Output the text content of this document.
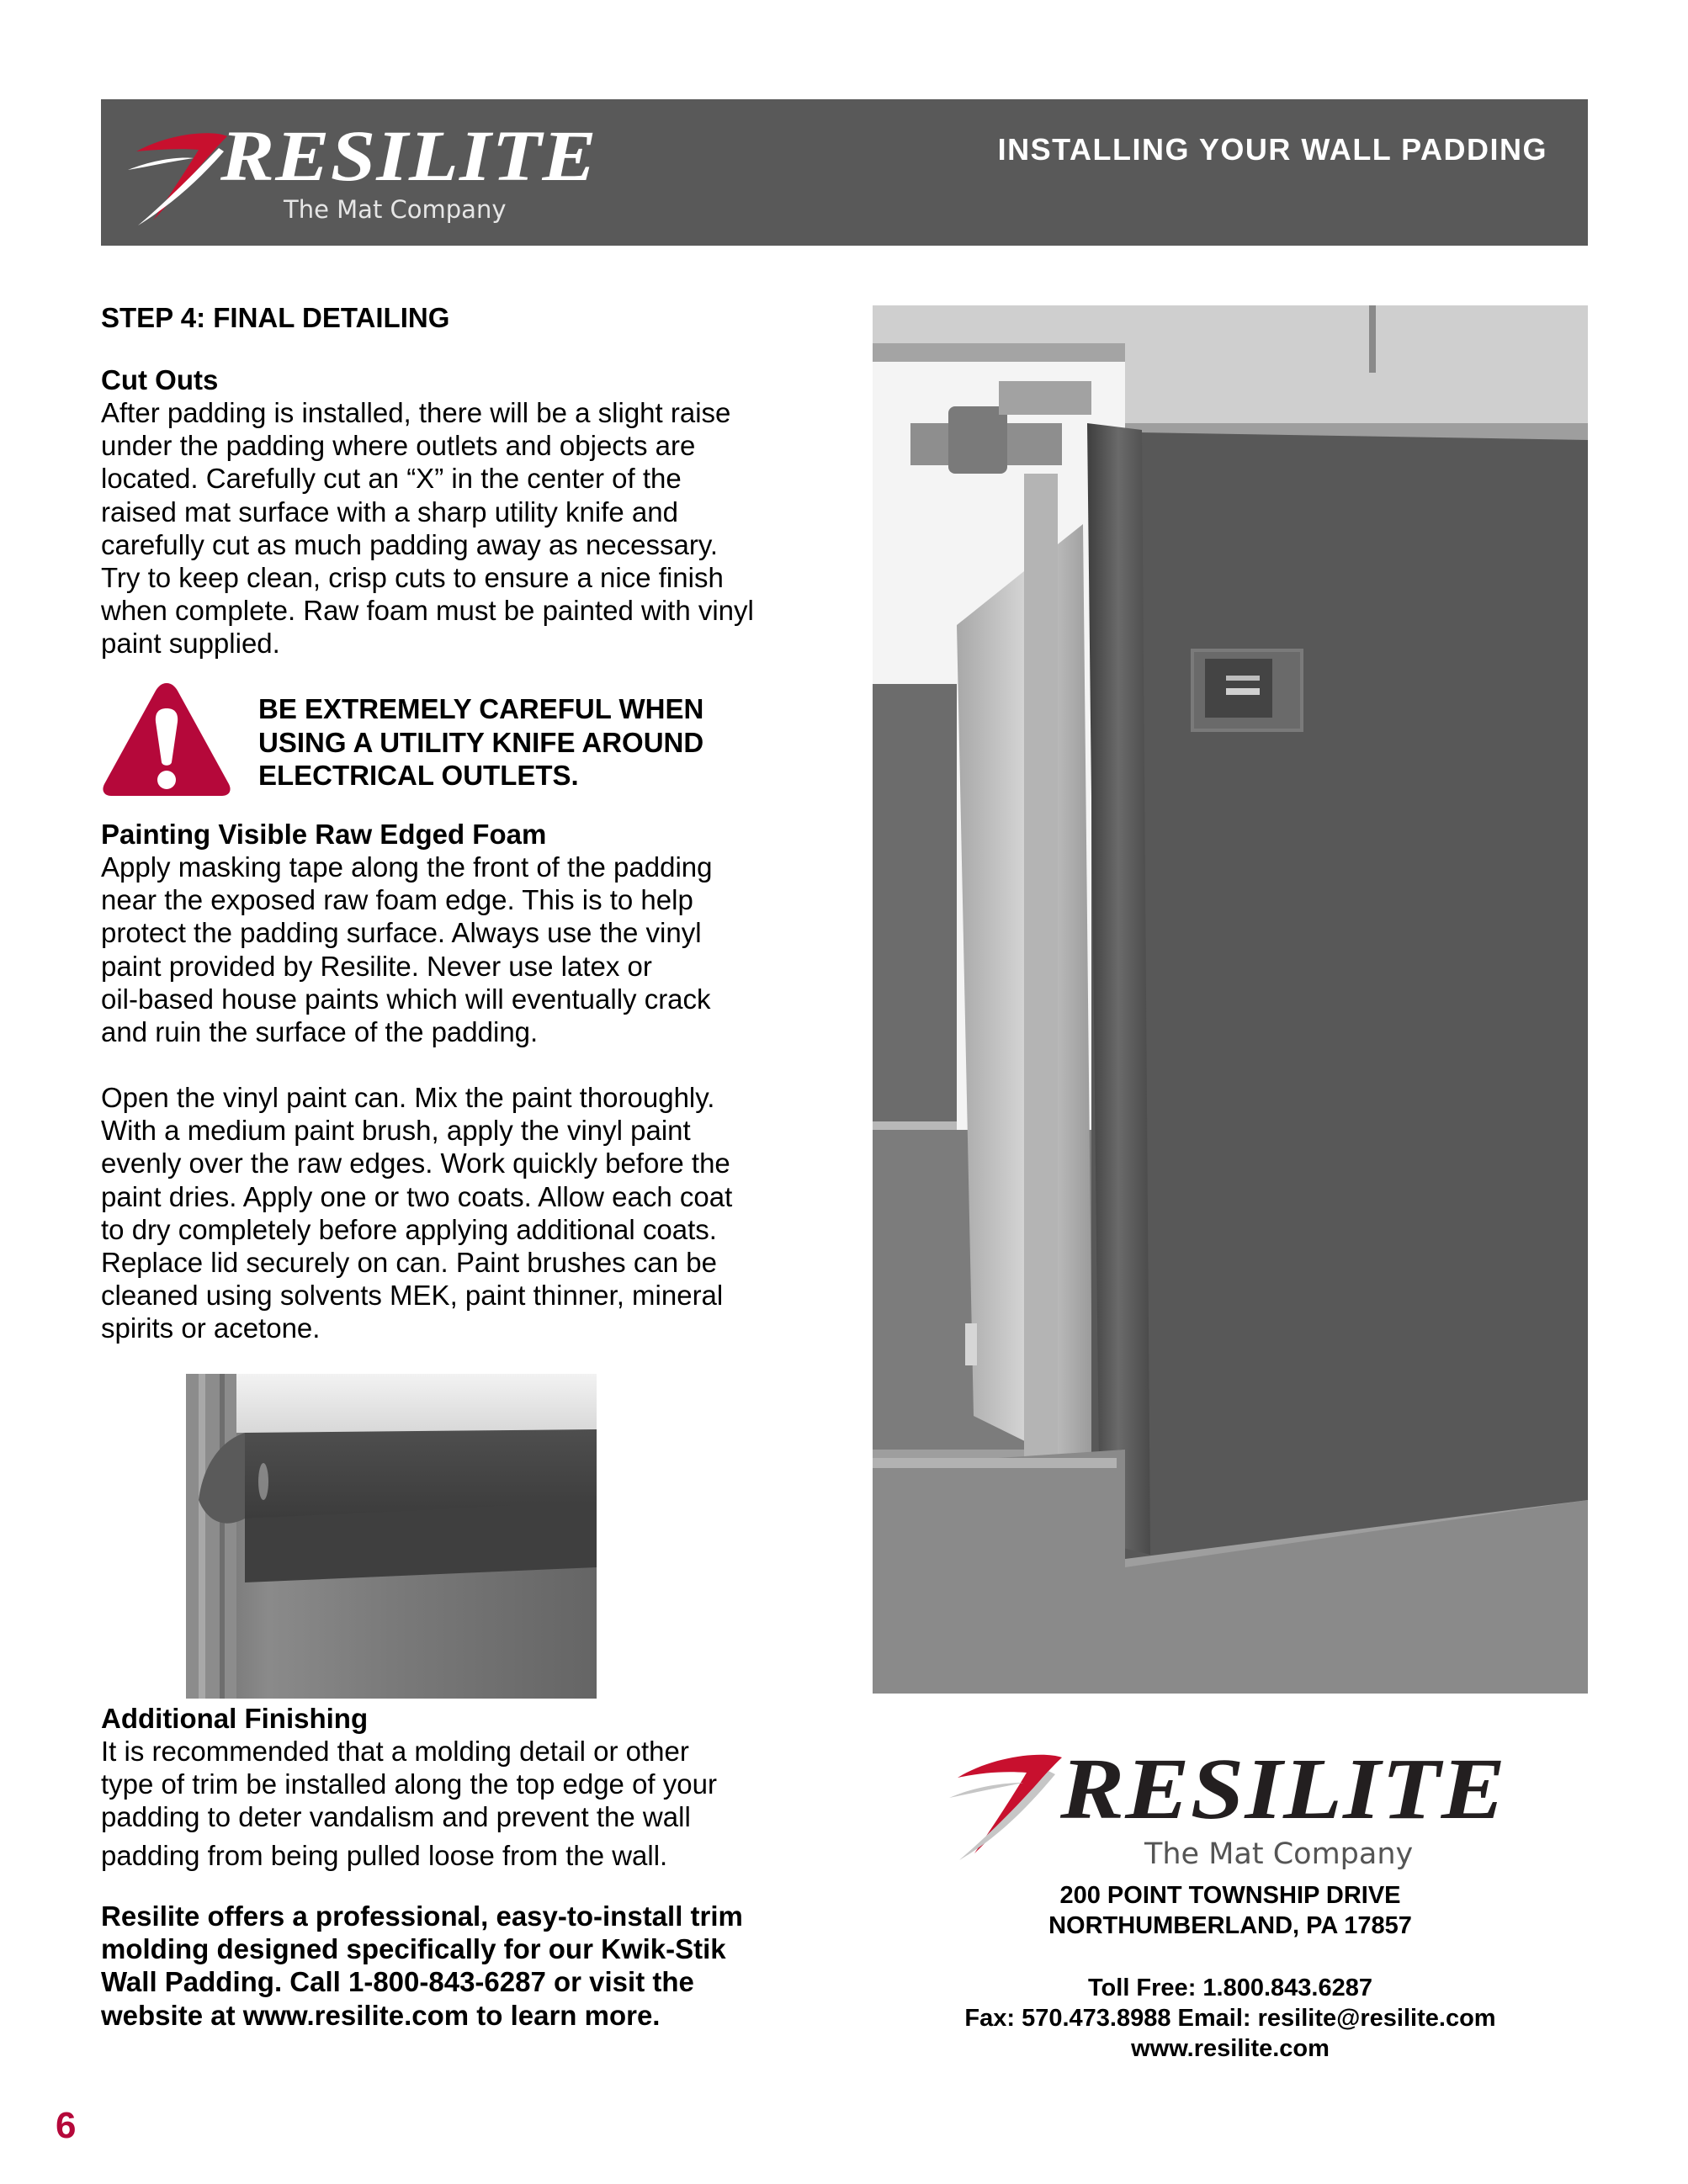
RESILITE
The Mat Company
INSTALLING YOUR WALL PADDING
STEP 4: FINAL DETAILING
Cut Outs
After padding is installed, there will be a slight raise
under the padding where outlets and objects are
located. Carefully cut an “X” in the center of the
raised mat surface with a sharp utility knife and
carefully cut as much padding away as necessary.
Try to keep clean, crisp cuts to ensure a nice finish
when complete. Raw foam must be painted with vinyl
paint supplied.
BE EXTREMELY CAREFUL WHEN
USING A UTILITY KNIFE AROUND
ELECTRICAL OUTLETS.
Painting Visible Raw Edged Foam
Apply masking tape along the front of the padding
near the exposed raw foam edge. This is to help
protect the padding surface. Always use the vinyl
paint provided by Resilite. Never use latex or
oil-based house paints which will eventually crack
and ruin the surface of the padding.
Open the vinyl paint can. Mix the paint thoroughly.
With a medium paint brush, apply the vinyl paint
evenly over the raw edges. Work quickly before the
paint dries. Apply one or two coats. Allow each coat
to dry completely before applying additional coats.
Replace lid securely on can. Paint brushes can be
cleaned using solvents MEK, paint thinner, mineral
spirits or acetone.
Additional Finishing
It is recommended that a molding detail or other
type of trim be installed along the top edge of your
padding to deter vandalism and prevent the wall
padding from being pulled loose from the wall.
Resilite offers a professional, easy-to-install trim
molding designed specifically for our Kwik-Stik
Wall Padding. Call 1-800-843-6287 or visit the
website at www.resilite.com to learn more.
RESILITE
The Mat Company
200 POINT TOWNSHIP DRIVE
NORTHUMBERLAND, PA 17857
Toll Free: 1.800.843.6287
Fax: 570.473.8988 Email: resilite@resilite.com
www.resilite.com
6
